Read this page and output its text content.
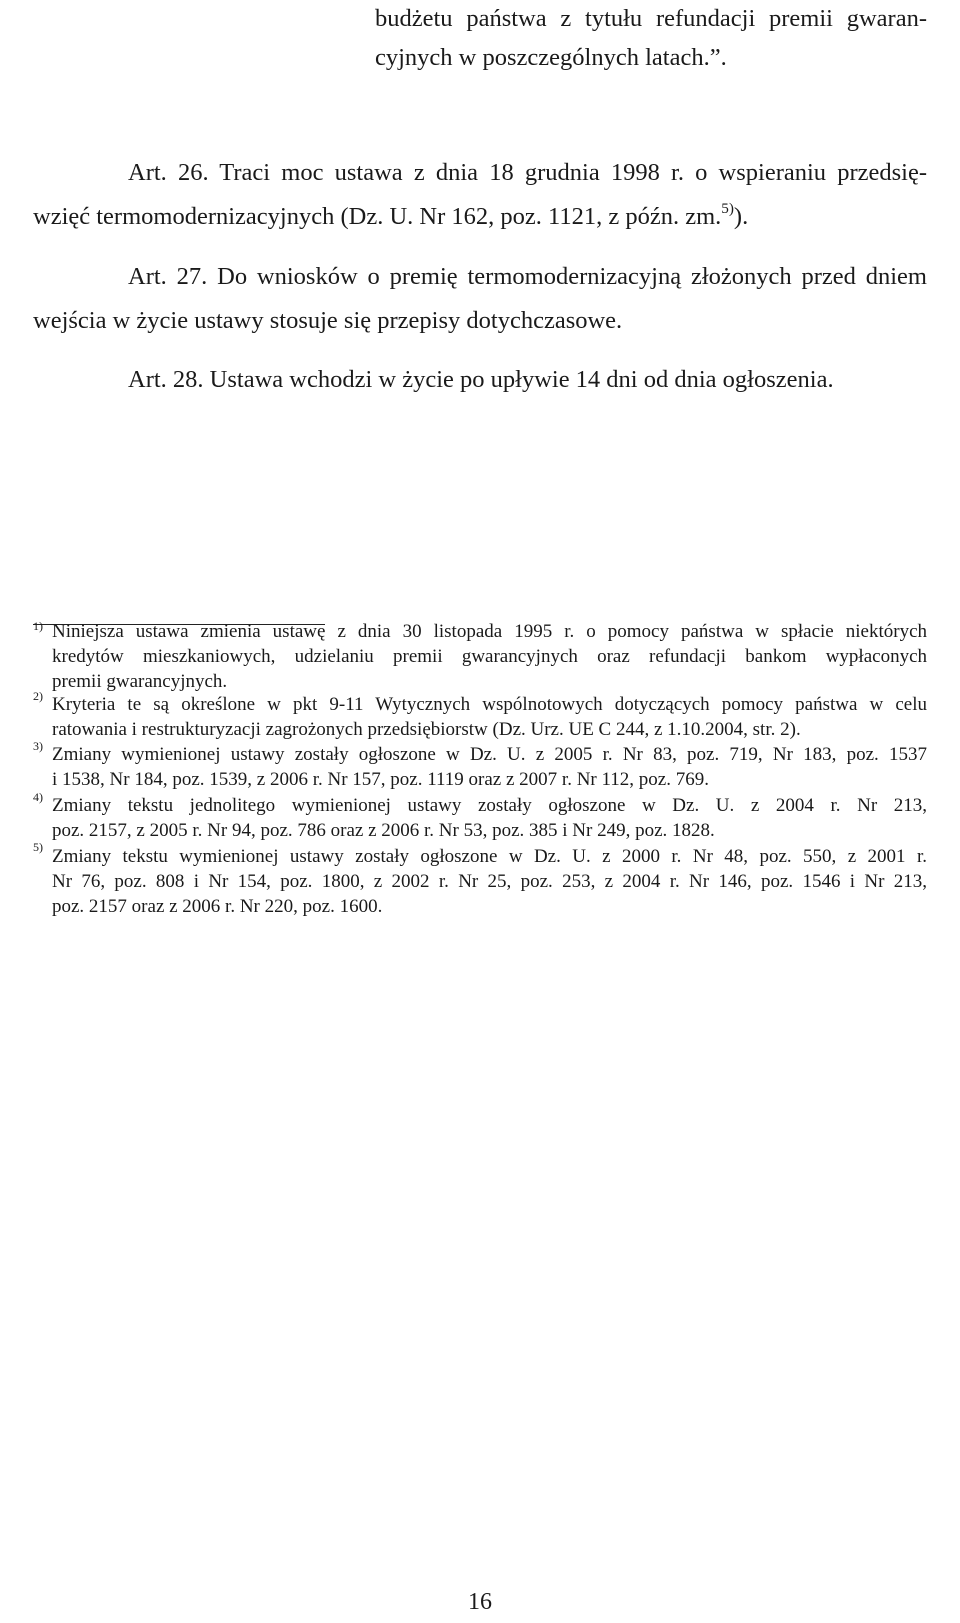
budżetu państwa z tytułu refundacji premii gwaran-
cyjnych w poszczególnych latach.”.
Art. 26. Traci moc ustawa z dnia 18 grudnia 1998 r. o wspieraniu przedsię-
wzięć termomodernizacyjnych (Dz. U. Nr 162, poz. 1121, z późn. zm.$^{5)}$).
Art. 27. Do wniosków o premię termomodernizacyjną złożonych przed dniem
wejścia w życie ustawy stosuje się przepisy dotychczasowe.
Art. 28. Ustawa wchodzi w życie po upływie 14 dni od dnia ogłoszenia.
1) Niniejsza ustawa zmienia ustawę z dnia 30 listopada 1995 r. o pomocy państwa w spłacie niektórych
kredytów mieszkaniowych, udzielaniu premii gwarancyjnych oraz refundacji bankom wypłaconych
premii gwarancyjnych.
2) Kryteria te są określone w pkt 9-11 Wytycznych wspólnotowych dotyczących pomocy państwa w celu
ratowania i restrukturyzacji zagrożonych przedsiębiorstw (Dz. Urz. UE C 244, z 1.10.2004, str. 2).
3) Zmiany wymienionej ustawy zostały ogłoszone w Dz. U. z 2005 r. Nr 83, poz. 719, Nr 183, poz. 1537
i 1538, Nr 184, poz. 1539, z 2006 r. Nr 157, poz. 1119 oraz z 2007 r. Nr 112, poz. 769.
4) Zmiany tekstu jednolitego wymienionej ustawy zostały ogłoszone w Dz. U. z 2004 r. Nr 213,
poz. 2157, z 2005 r. Nr 94, poz. 786 oraz z 2006 r. Nr 53, poz. 385 i Nr 249, poz. 1828.
5) Zmiany tekstu wymienionej ustawy zostały ogłoszone w Dz. U. z 2000 r. Nr 48, poz. 550, z 2001 r.
Nr 76, poz. 808 i Nr 154, poz. 1800, z 2002 r. Nr 25, poz. 253, z 2004 r. Nr 146, poz. 1546 i Nr 213,
poz. 2157 oraz z 2006 r. Nr 220, poz. 1600.
16
